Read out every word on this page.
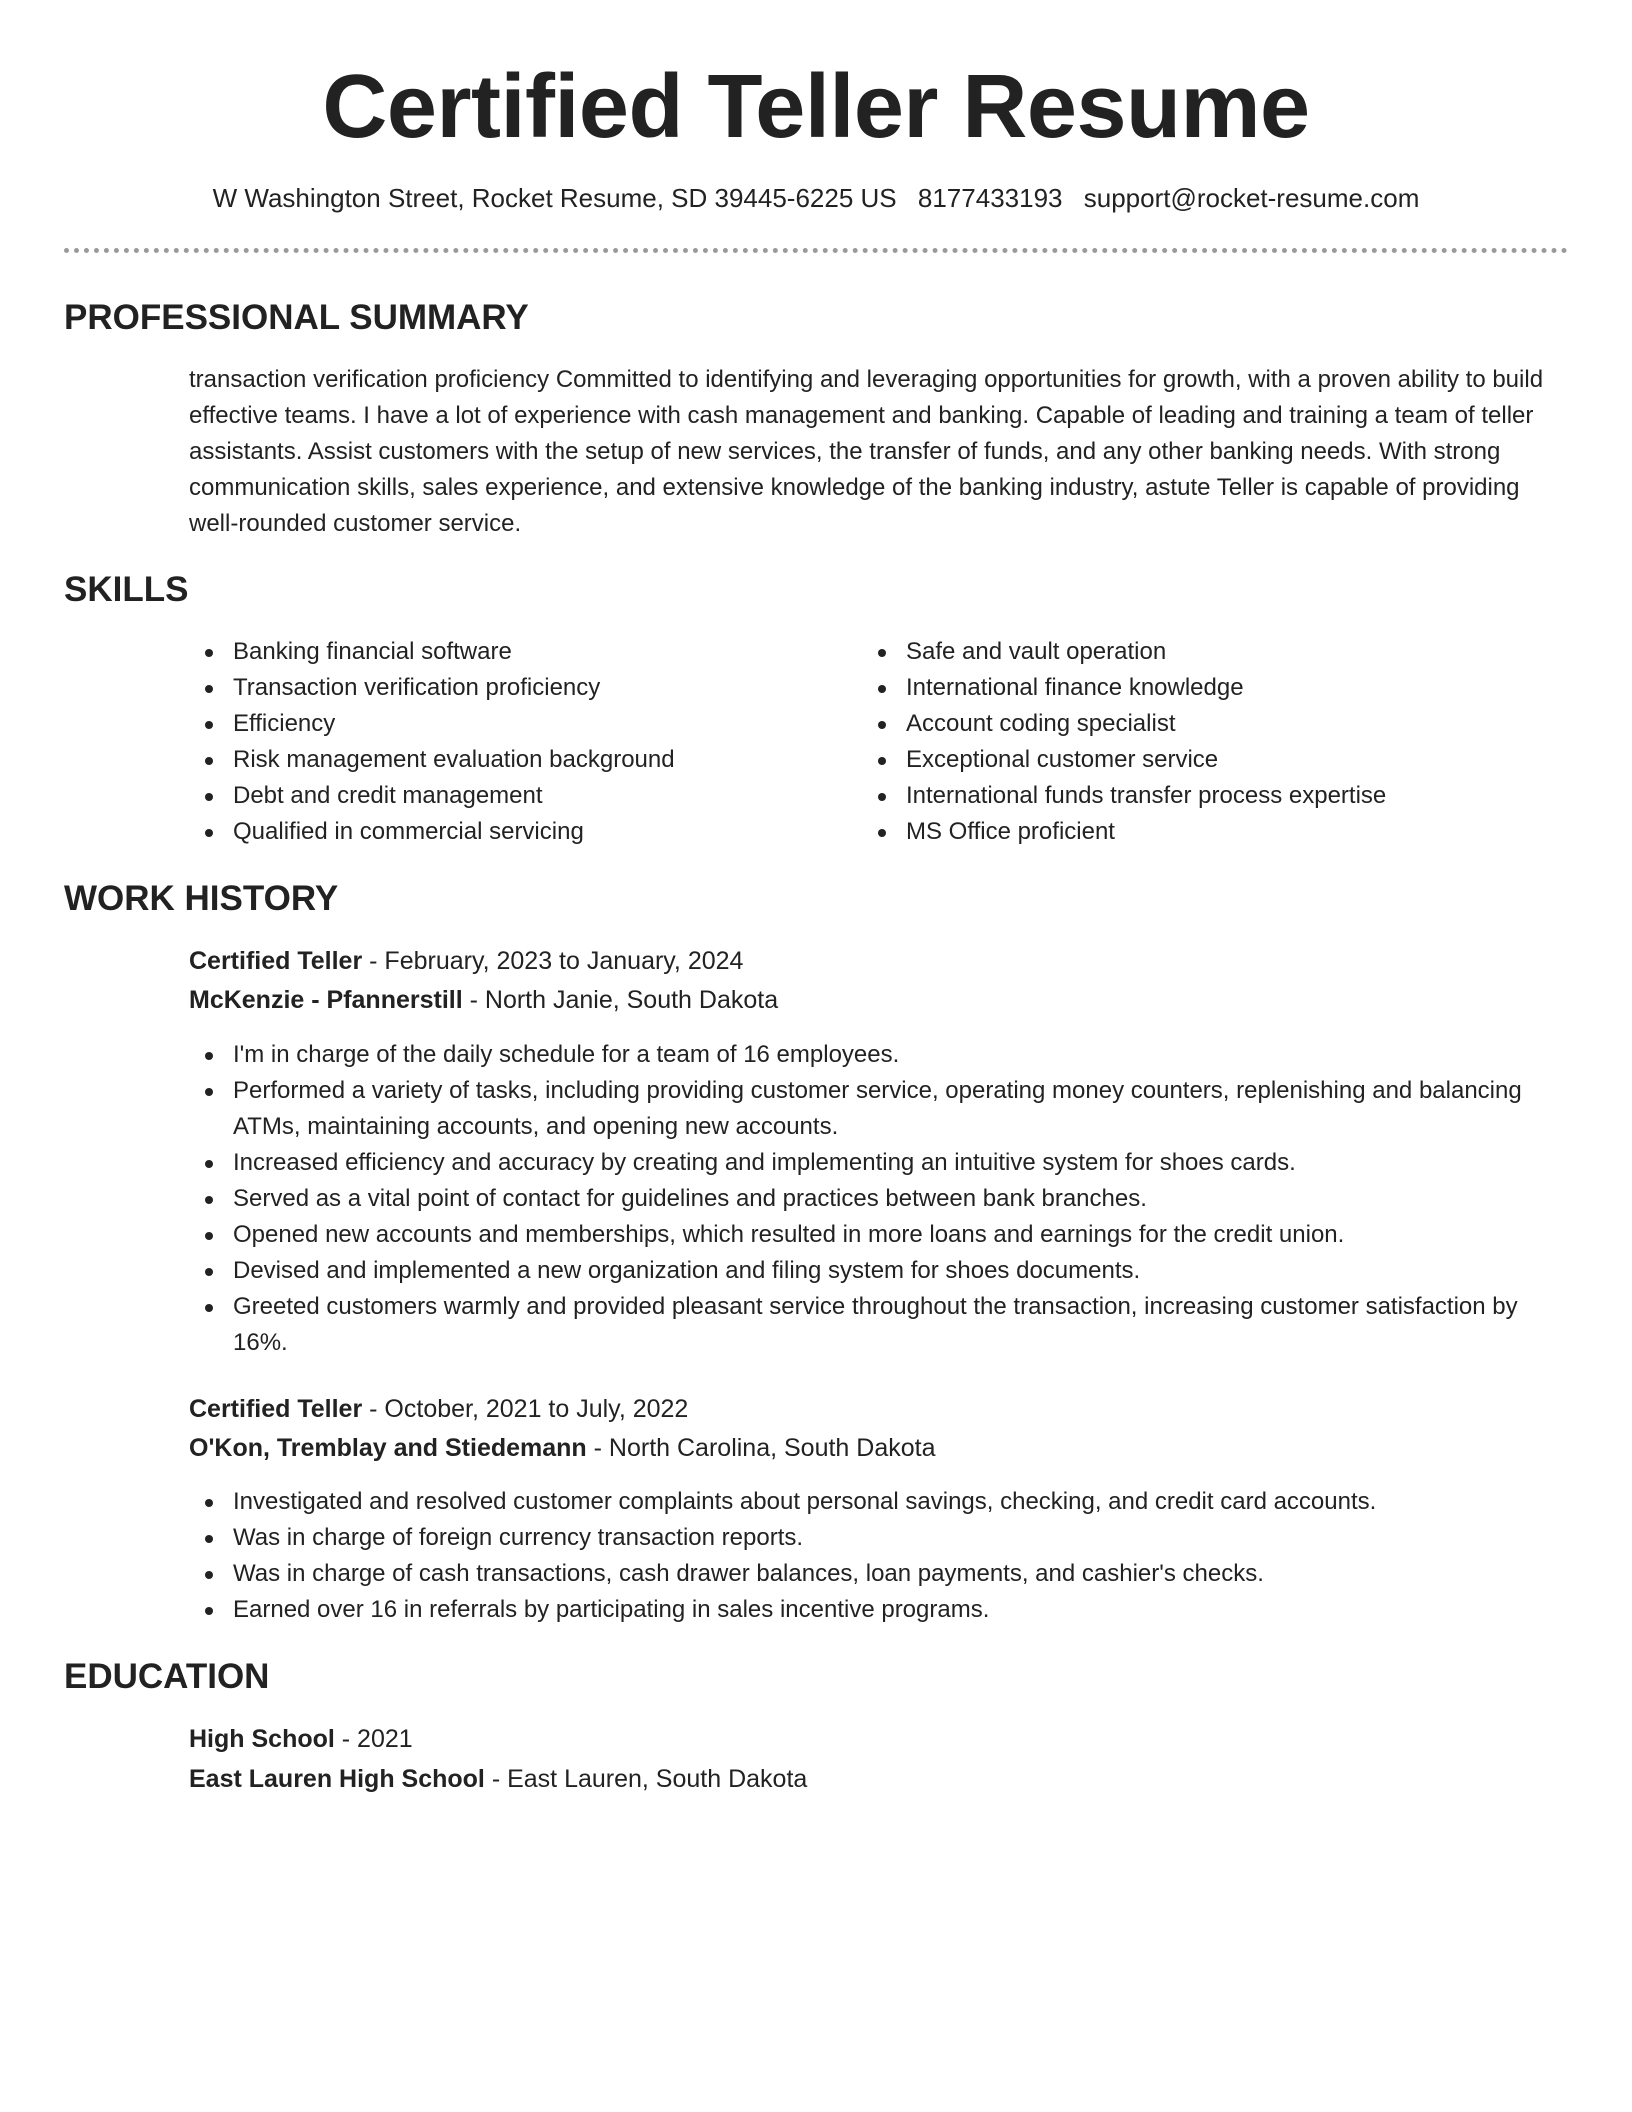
Certified Teller Resume
W Washington Street, Rocket Resume, SD 39445-6225 US 8177433193 support@rocket-resume.com
PROFESSIONAL SUMMARY
transaction verification proficiency Committed to identifying and leveraging opportunities for growth, with a proven ability to build effective teams. I have a lot of experience with cash management and banking. Capable of leading and training a team of teller assistants. Assist customers with the setup of new services, the transfer of funds, and any other banking needs. With strong communication skills, sales experience, and extensive knowledge of the banking industry, astute Teller is capable of providing well-rounded customer service.
SKILLS
Banking financial software
Transaction verification proficiency
Efficiency
Risk management evaluation background
Debt and credit management
Qualified in commercial servicing
Safe and vault operation
International finance knowledge
Account coding specialist
Exceptional customer service
International funds transfer process expertise
MS Office proficient
WORK HISTORY
Certified Teller - February, 2023 to January, 2024
McKenzie - Pfannerstill - North Janie, South Dakota
I'm in charge of the daily schedule for a team of 16 employees.
Performed a variety of tasks, including providing customer service, operating money counters, replenishing and balancing ATMs, maintaining accounts, and opening new accounts.
Increased efficiency and accuracy by creating and implementing an intuitive system for shoes cards.
Served as a vital point of contact for guidelines and practices between bank branches.
Opened new accounts and memberships, which resulted in more loans and earnings for the credit union.
Devised and implemented a new organization and filing system for shoes documents.
Greeted customers warmly and provided pleasant service throughout the transaction, increasing customer satisfaction by 16%.
Certified Teller - October, 2021 to July, 2022
O'Kon, Tremblay and Stiedemann - North Carolina, South Dakota
Investigated and resolved customer complaints about personal savings, checking, and credit card accounts.
Was in charge of foreign currency transaction reports.
Was in charge of cash transactions, cash drawer balances, loan payments, and cashier's checks.
Earned over 16 in referrals by participating in sales incentive programs.
EDUCATION
High School - 2021
East Lauren High School - East Lauren, South Dakota
